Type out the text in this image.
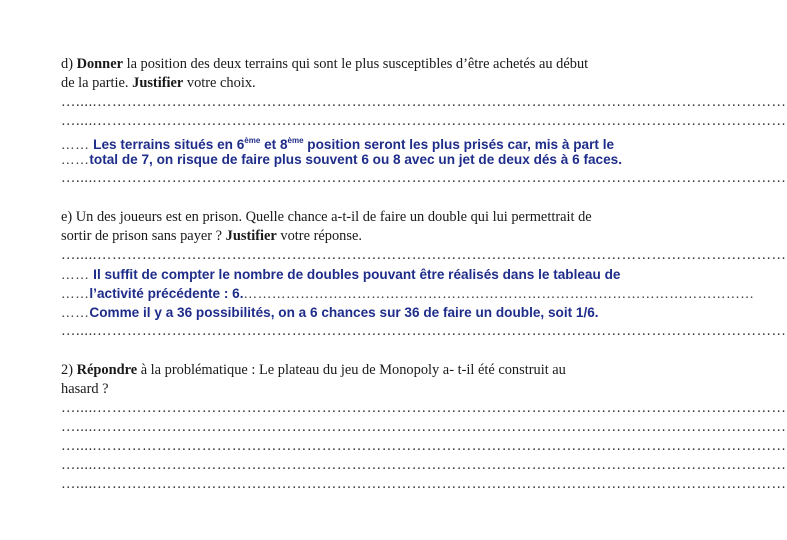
d) Donner la position des deux terrains qui sont le plus susceptibles d’être achetés au début
de la partie. Justifier votre choix.
….....…………………………………………………………………………………………………………………………
….....…………………………………………………………………………………………………………………………
…… Les terrains situés en 6ème et 8ème position seront les plus prisés car, mis à part le
……total de 7, on risque de faire plus souvent 6 ou 8 avec un jet de deux dés à 6 faces.
….....…………………………………………………………………………………………………………………………
e) Un des joueurs est en prison. Quelle chance a-t-il de faire un double qui lui permettrait de
sortir de prison sans payer ? Justifier votre réponse.
….....…………………………………………………………………………………………………………………………
…… Il suffit de compter le nombre de doubles pouvant être réalisés dans le tableau de
……l’activité précédente : 6.………………………………………………………………………………………………
……Comme il y a 36 possibilités, on a 6 chances sur 36 de faire un double, soit 1/6.
….....…………………………………………………………………………………………………………………………
2) Répondre à la problématique : Le plateau du jeu de Monopoly a- t-il été construit au
hasard ?
….....…………………………………………………………………………………………………………………………
….....…………………………………………………………………………………………………………………………
….....…………………………………………………………………………………………………………………………
….....…………………………………………………………………………………………………………………………
….....…………………………………………………………………………………………………………………………
